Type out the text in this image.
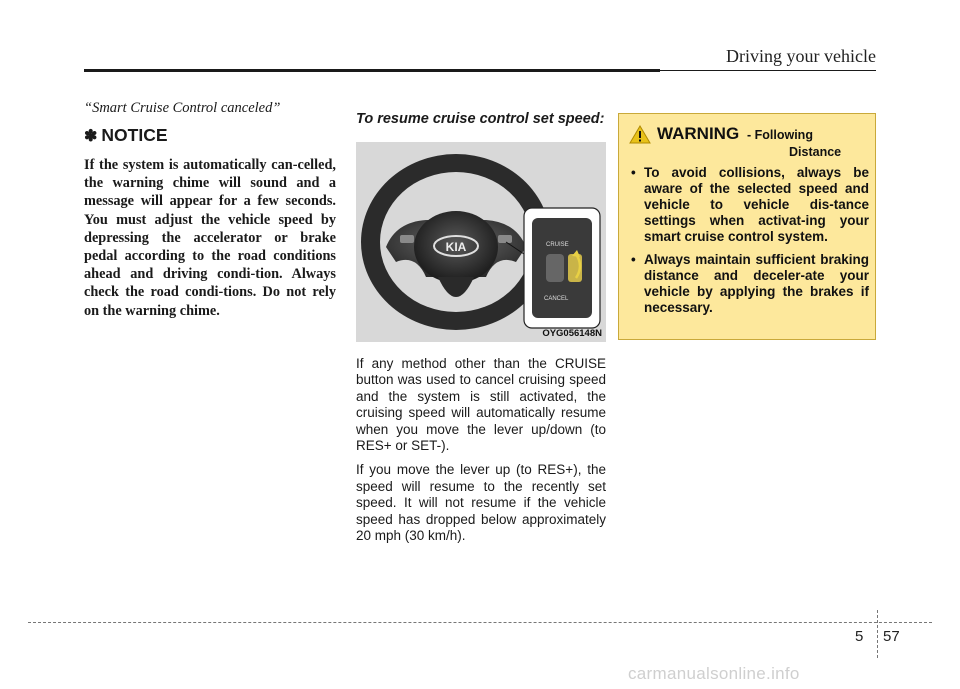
Driving your vehicle

“Smart Cruise Control canceled”

✽ NOTICE

If the system is automatically can-celled, the warning chime will sound and a message will appear for a few seconds. You must adjust the vehicle speed by depressing the accelerator or brake pedal according to the road conditions ahead and driving condi-tion. Always check the road condi-tions. Do not rely on the warning chime.

To resume cruise control set speed:

KIA	CRUISE
CANCEL
OYG056148N

If any method other than the CRUISE button was used to cancel cruising speed and the system is still activated, the cruising speed will automatically resume when you move the lever up/down (to RES+ or SET-).

If you move the lever up (to RES+), the speed will resume to the recently set speed. It will not resume if the vehicle speed has dropped below approximately 20 mph (30 km/h).

WARNING - Following
Distance
• To avoid collisions, always be aware of the selected speed and vehicle to vehicle dis-tance settings when activat-ing your smart cruise control system.
• Always maintain sufficient braking distance and deceler-ate your vehicle by applying the brakes if necessary.
5 57
carmanualsonline.info
